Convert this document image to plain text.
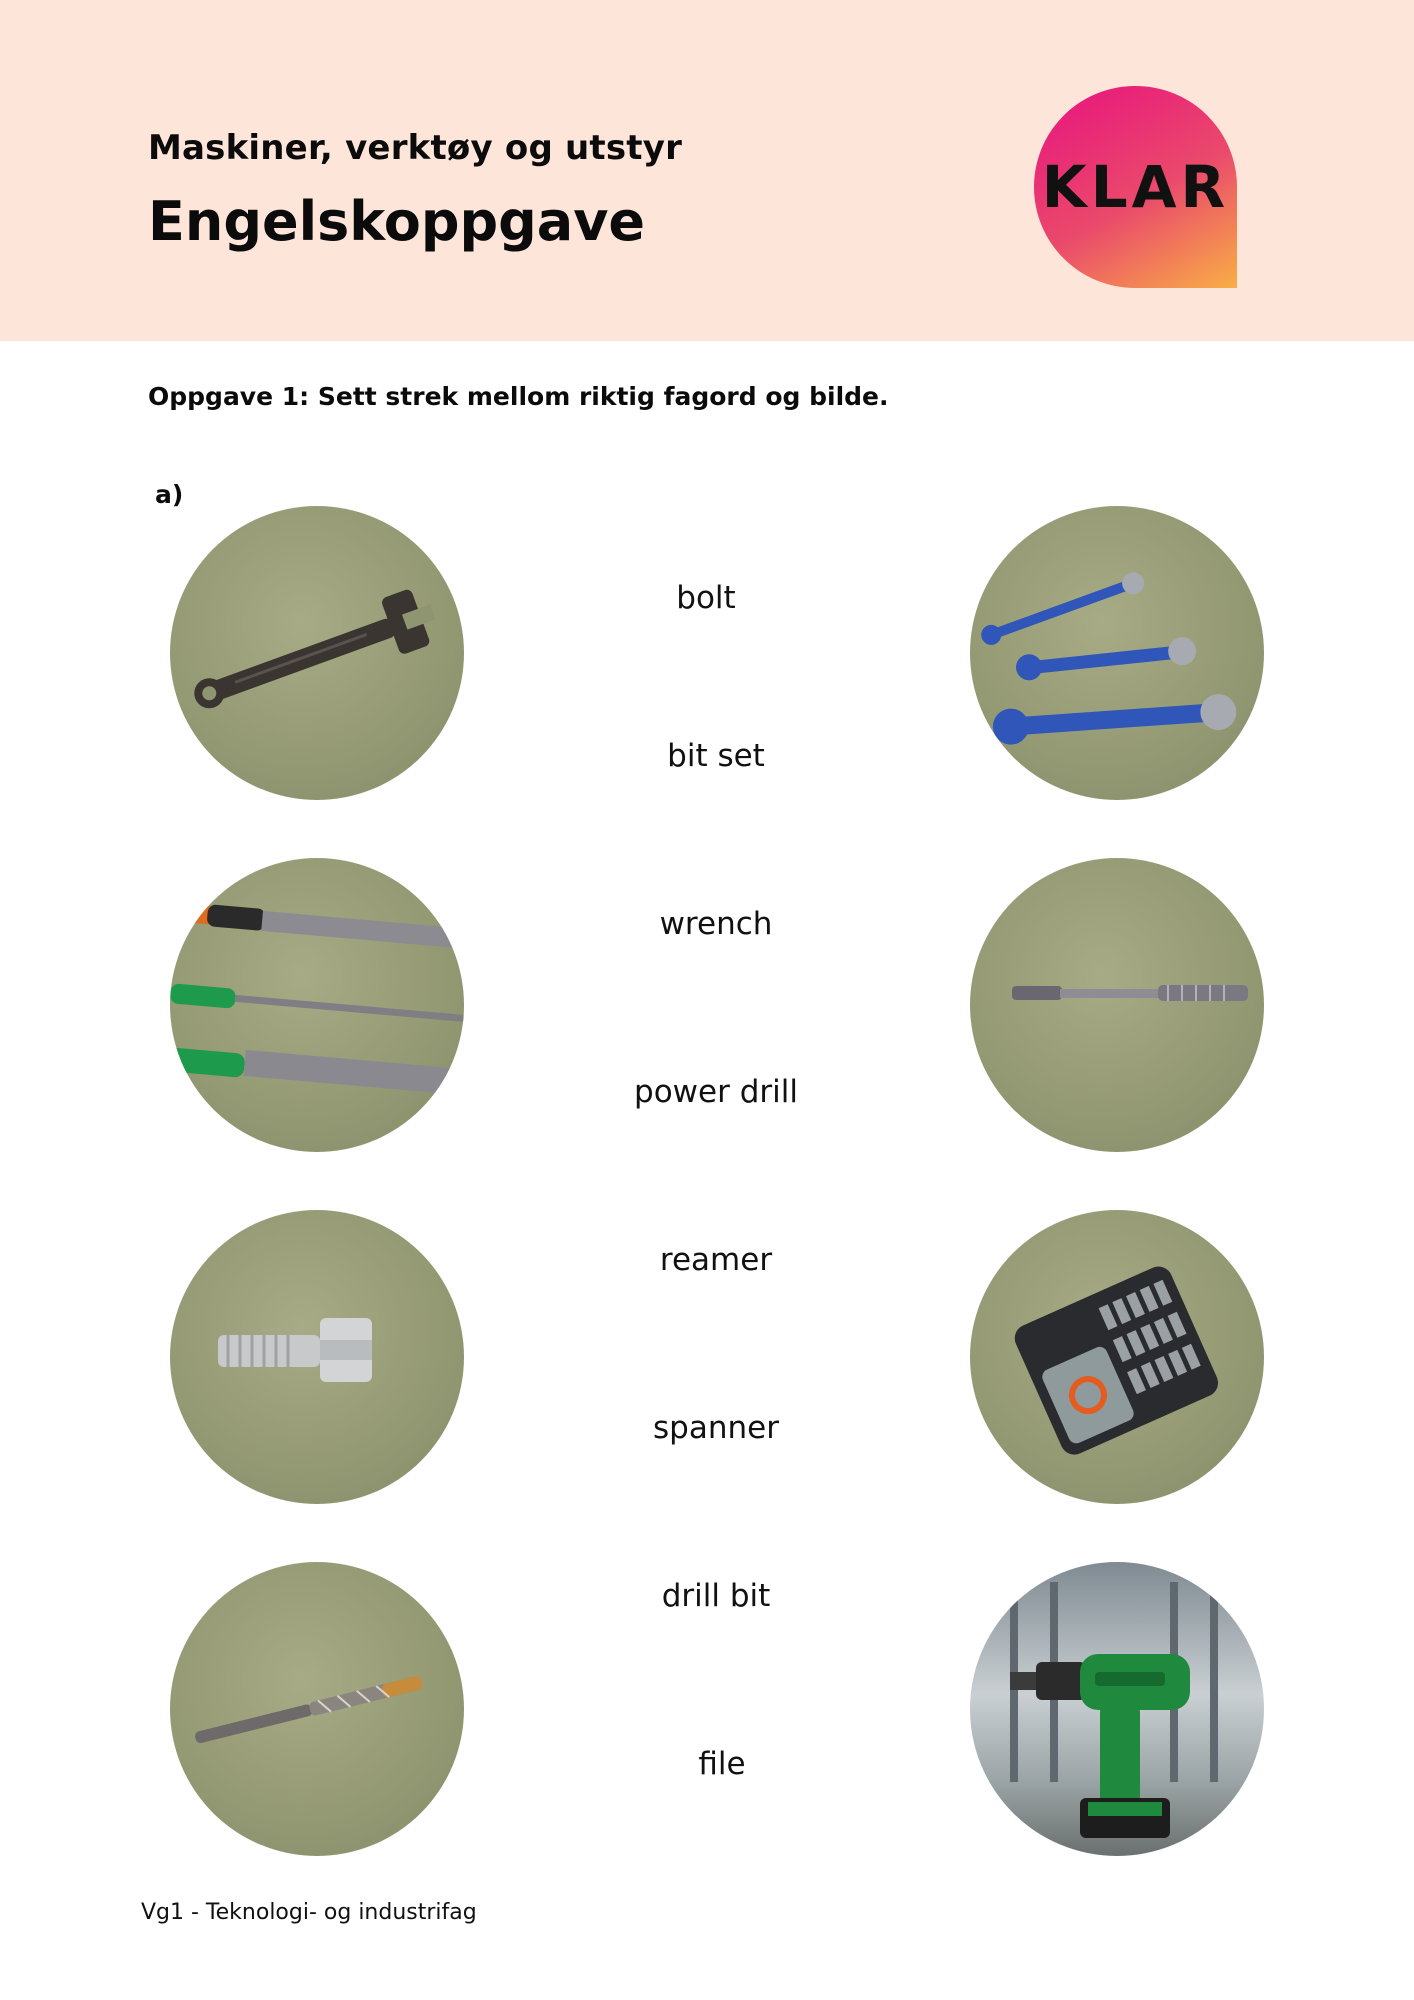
Maskiner, verktøy og utstyr
Engelskoppgave
KLAR
Oppgave 1: Sett strek mellom riktig fagord og bilde.
a)
bolt
bit set
wrench
power drill
reamer
spanner
drill bit
file
Vg1 - Teknologi- og industrifag
